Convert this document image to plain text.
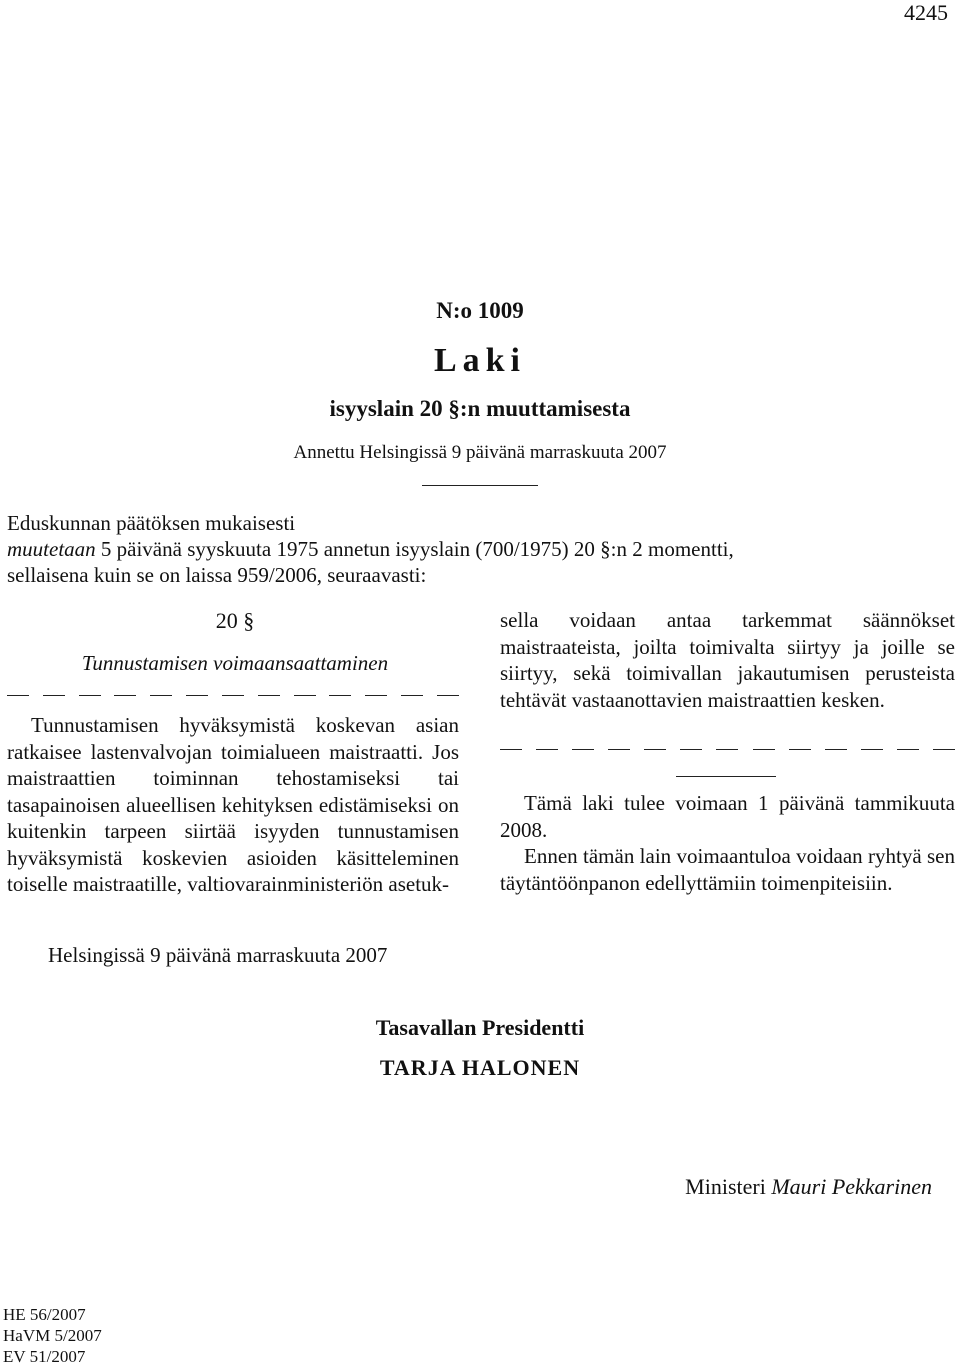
4245
N:o 1009
Laki
isyyslain 20 §:n muuttamisesta
Annettu Helsingissä 9 päivänä marraskuuta 2007
Eduskunnan päätöksen mukaisesti
muutetaan 5 päivänä syyskuuta 1975 annetun isyyslain (700/1975) 20 §:n 2 momentti,
sellaisena kuin se on laissa 959/2006, seuraavasti:
20 §
Tunnustamisen voimaansaattaminen

Tunnustamisen hyväksymistä koskevan asian ratkaisee lastenvalvojan toimialueen maistraatti. Jos maistraattien toiminnan tehostamiseksi tai tasapainoisen alueellisen kehityksen edistämiseksi on kuitenkin tarpeen siirtää isyyden tunnustamisen hyväksymistä koskevien asioiden käsitteleminen toiselle maistraatille, valtiovarainministeriön asetuk-

sella voidaan antaa tarkemmat säännökset maistraateista, joilta toimivalta siirtyy ja joille se siirtyy, sekä toimivallan jakautumisen perusteista tehtävät vastaanottavien maistraattien kesken.

Tämä laki tulee voimaan 1 päivänä tammikuuta 2008.

Ennen tämän lain voimaantuloa voidaan ryhtyä sen täytäntöönpanon edellyttämiin toimenpiteisiin.

Helsingissä 9 päivänä marraskuuta 2007
Tasavallan Presidentti
TARJA HALONEN
Ministeri Mauri Pekkarinen
HE 56/2007
HaVM 5/2007
EV 51/2007
